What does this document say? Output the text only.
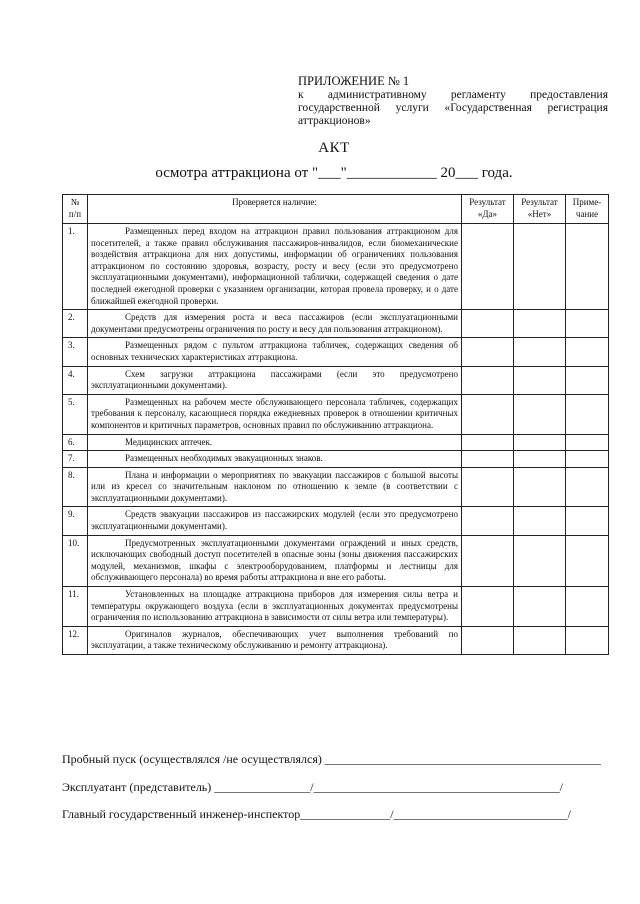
ПРИЛОЖЕНИЕ № 1
к административному регламенту предоставления государственной услуги «Государственная регистрация аттракционов»
АКТ
осмотра аттракциона от "___"____________ 20___ года.
№ п/п	Проверяется наличие:	Результат «Да»	Результат «Нет»	Приме-чание
1.	Размещенных перед входом на аттракцион правил пользования аттракционом для посетителей, а также правил обслуживания пассажиров-инвалидов, если биомеханические воздействия аттракциона для них допустимы, информации об ограничениях пользования аттракционом по состоянию здоровья, возрасту, росту и весу (если это предусмотрено эксплуатационными документами), информационной таблички, содержащей сведения о дате последней ежегодной проверки с указанием организации, которая провела проверку, и о дате ближайшей ежегодной проверки.			
2.	Средств для измерения роста и веса пассажиров (если эксплуатационными документами предусмотрены ограничения по росту и весу для пользования аттракционом).			
3.	Размещенных рядом с пультом аттракциона табличек, содержащих сведения об основных технических характеристиках аттракциона.			
4.	Схем загрузки аттракциона пассажирами (если это предусмотрено эксплуатационными документами).			
5.	Размещенных на рабочем месте обслуживающего персонала табличек, содержащих требования к персоналу, касающиеся порядка ежедневных проверок в отношении критичных компонентов и критичных параметров, основных правил по обслуживанию аттракциона.			
6.	Медицинских аптечек.			
7.	Размещенных необходимых эвакуационных знаков.			
8.	Плана и информации о мероприятиях по эвакуации пассажиров с большой высоты или из кресел со значительным наклоном по отношению к земле (в соответствии с эксплуатационными документами).			
9.	Средств эвакуации пассажиров из пассажирских модулей (если это предусмотрено эксплуатационными документами).			
10.	Предусмотренных эксплуатационными документами ограждений и иных средств, исключающих свободный доступ посетителей в опасные зоны (зоны движения пассажирских модулей, механизмов, шкафы с электрооборудованием, платформы и лестницы для обслуживающего персонала) во время работы аттракциона и вне его работы.			
11.	Установленных на площадке аттракциона приборов для измерения силы ветра и температуры окружающего воздуха (если в эксплуатационных документах предусмотрены ограничения по использованию аттракциона в зависимости от силы ветра или температуры).			
12.	Оригиналов журналов, обеспечивающих учет выполнения требований по эксплуатации, а также техническому обслуживанию и ремонту аттракциона).			
Пробный пуск (осуществлялся /не осуществлялся) ______________________________________________
Эксплуатант (представитель) ________________/_________________________________________/
Главный государственный инженер-инспектор_______________/_____________________________/
